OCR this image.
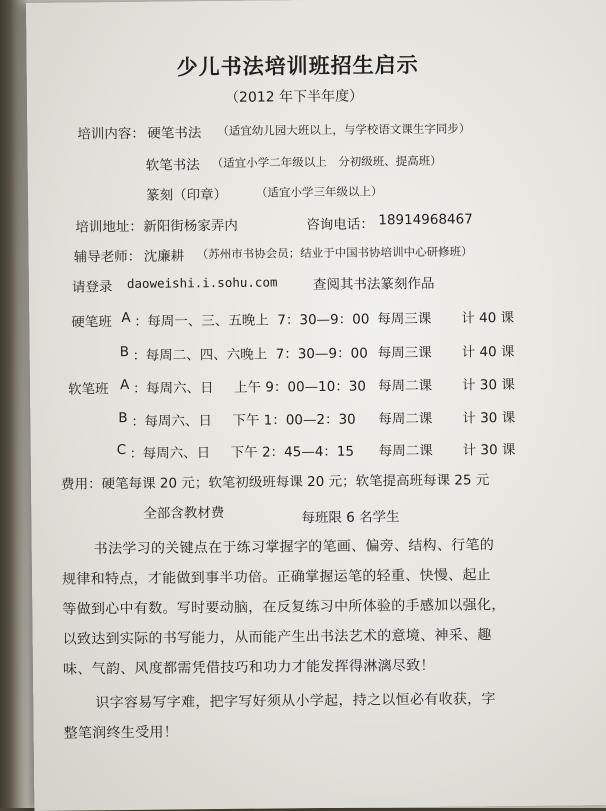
少儿书法培训班招生启示
（2012 年下半年度）
培训内容： 硬笔书法 （适宜幼儿园大班以上，与学校语文课生字同步）
软笔书法 （适宜小学二年级以上　分初级班、提高班）
篆刻（印章）	（适宜小学三年级以上）
培训地址： 新阳街杨家弄内	咨询电话： 18914968467
辅导老师： 沈廉耕 （苏州市书协会员；结业于中国书协培训中心研修班）
请登录 daoweishi.i.sohu.com	查阅其书法篆刻作品
硬笔班 A ： 每周一、三、五晚上 7：30—9：00 每周三课 计 40 课
B ： 每周二、四、六晚上 7：30—9：00 每周三课 计 40 课
软笔班 A ： 每周六、日 上午 9：00—10：30 每周二课 计 30 课
B ： 每周六、日 下午 1：00—2：30 每周二课 计 30 课
C ： 每周六、日 下午 2：45—4：15 每周二课 计 30 课
费用：硬笔每课 20 元；软笔初级班每课 20 元；软笔提高班每课 25 元
全部含教材费	每班限 6 名学生
书法学习的关键点在于练习掌握字的笔画、偏旁、结构、行笔的
规律和特点，才能做到事半功倍。正确掌握运笔的轻重、快慢、起止
等做到心中有数。写时要动脑，在反复练习中所体验的手感加以强化，
以致达到实际的书写能力，从而能产生出书法艺术的意境、神采、趣
味、气韵、风度都需凭借技巧和功力才能发挥得淋漓尽致！
识字容易写字难，把字写好须从小学起，持之以恒必有收获，字
整笔润终生受用！
